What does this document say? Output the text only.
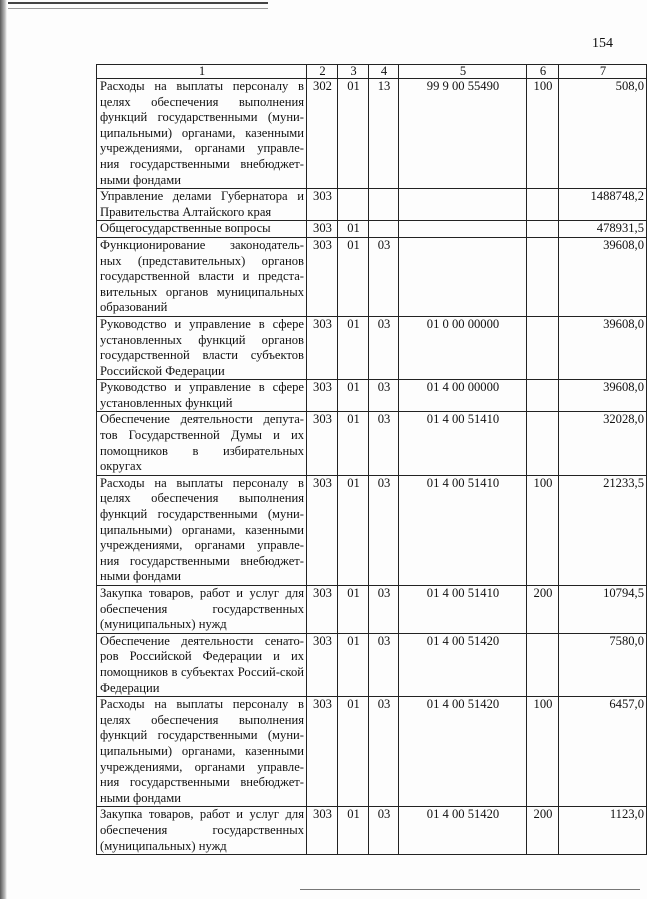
154
1	2	3	4	5	6	7
Расходы на выплаты персоналу в целях обеспечения выполнения функций государственными (муни-ципальными) органами, казенными учреждениями, органами управле-ния государственными внебюджет-ными фондами	302	01	13	99 9 00 55490	100	508,0
Управление делами Губернатора и Правительства Алтайского края	303					1488748,2
Общегосударственные вопросы	303	01				478931,5
Функционирование законодатель-ных (представительных) органов государственной власти и предста-вительных органов муниципальных образований	303	01	03			39608,0
Руководство и управление в сфере установленных функций органов государственной власти субъектов Российской Федерации	303	01	03	01 0 00 00000		39608,0
Руководство и управление в сфере установленных функций	303	01	03	01 4 00 00000		39608,0
Обеспечение деятельности депута-тов Государственной Думы и их помощников в избирательных округах	303	01	03	01 4 00 51410		32028,0
Расходы на выплаты персоналу в целях обеспечения выполнения функций государственными (муни-ципальными) органами, казенными учреждениями, органами управле-ния государственными внебюджет-ными фондами	303	01	03	01 4 00 51410	100	21233,5
Закупка товаров, работ и услуг для обеспечения государственных (муниципальных) нужд	303	01	03	01 4 00 51410	200	10794,5
Обеспечение деятельности сенато-ров Российской Федерации и их помощников в субъектах Россий-ской Федерации	303	01	03	01 4 00 51420		7580,0
Расходы на выплаты персоналу в целях обеспечения выполнения функций государственными (муни-ципальными) органами, казенными учреждениями, органами управле-ния государственными внебюджет-ными фондами	303	01	03	01 4 00 51420	100	6457,0
Закупка товаров, работ и услуг для обеспечения государственных (муниципальных) нужд	303	01	03	01 4 00 51420	200	1123,0
